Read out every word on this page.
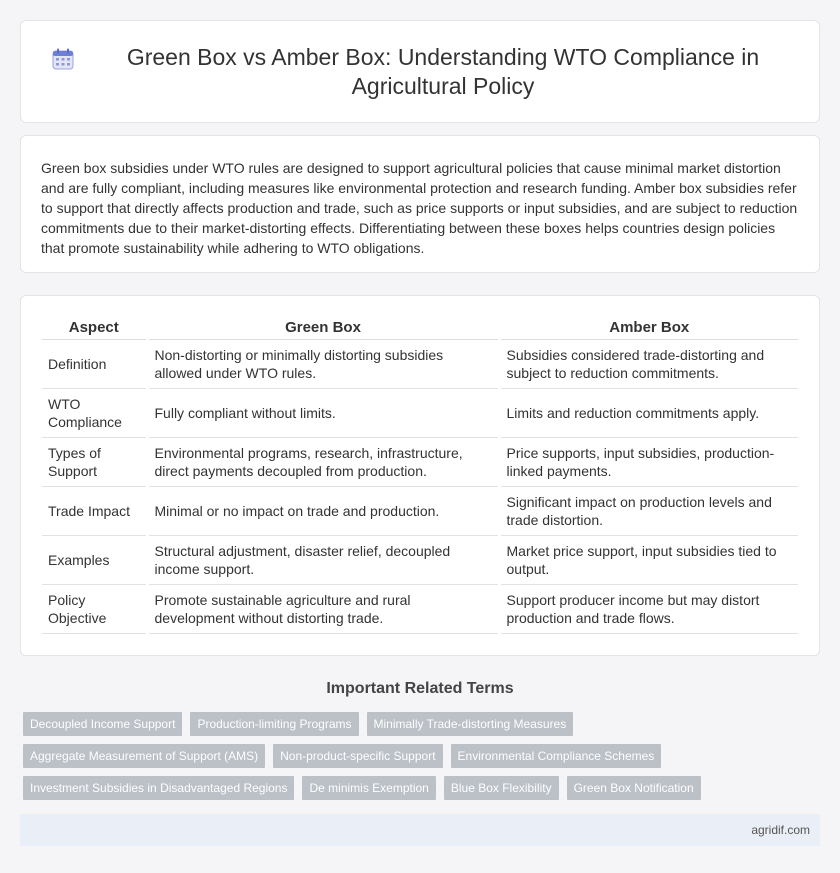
Green Box vs Amber Box: Understanding WTO Compliance in Agricultural Policy

Green box subsidies under WTO rules are designed to support agricultural policies that cause minimal market distortion and are fully compliant, including measures like environmental protection and research funding. Amber box subsidies refer to support that directly affects production and trade, such as price supports or input subsidies, and are subject to reduction commitments due to their market-distorting effects. Differentiating between these boxes helps countries design policies that promote sustainability while adhering to WTO obligations.

Aspect	Green Box	Amber Box
Definition	Non-distorting or minimally distorting subsidies allowed under WTO rules.	Subsidies considered trade-distorting and subject to reduction commitments.
WTO Compliance	Fully compliant without limits.	Limits and reduction commitments apply.
Types of Support	Environmental programs, research, infrastructure, direct payments decoupled from production.	Price supports, input subsidies, production-linked payments.
Trade Impact	Minimal or no impact on trade and production.	Significant impact on production levels and trade distortion.
Examples	Structural adjustment, disaster relief, decoupled income support.	Market price support, input subsidies tied to output.
Policy Objective	Promote sustainable agriculture and rural development without distorting trade.	Support producer income but may distort production and trade flows.
Important Related Terms
Decoupled Income Support	Production-limiting Programs	Minimally Trade-distorting Measures
Aggregate Measurement of Support (AMS)	Non-product-specific Support	Environmental Compliance Schemes
Investment Subsidies in Disadvantaged Regions	De minimis Exemption	Blue Box Flexibility	Green Box Notification
agridif.com
